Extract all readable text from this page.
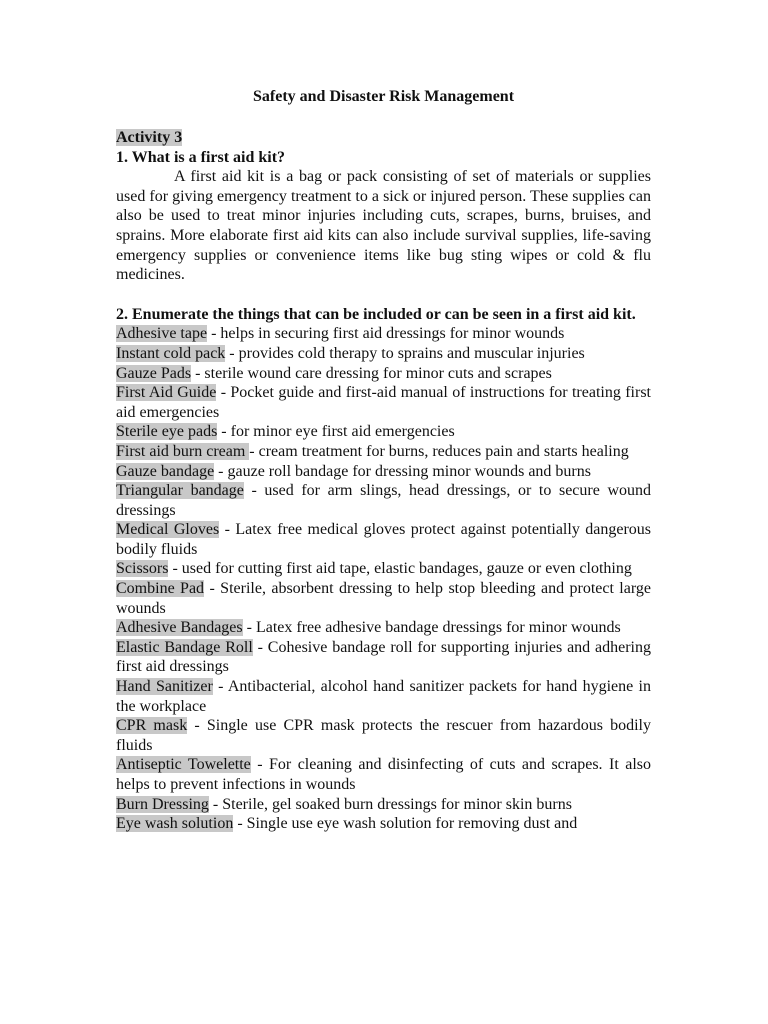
Safety and Disaster Risk Management
Activity 3
1. What is a first aid kit?

A first aid kit is a bag or pack consisting of set of materials or supplies used for giving emergency treatment to a sick or injured person. These supplies can also be used to treat minor injuries including cuts, scrapes, burns, bruises, and sprains. More elaborate first aid kits can also include survival supplies, life-saving emergency supplies or convenience items like bug sting wipes or cold & flu medicines.

2. Enumerate the things that can be included or can be seen in a first aid kit.

Adhesive tape - helps in securing first aid dressings for minor wounds

Instant cold pack - provides cold therapy to sprains and muscular injuries

Gauze Pads - sterile wound care dressing for minor cuts and scrapes

First Aid Guide - Pocket guide and first-aid manual of instructions for treating first aid emergencies

Sterile eye pads - for minor eye first aid emergencies

First aid burn cream - cream treatment for burns, reduces pain and starts healing

Gauze bandage - gauze roll bandage for dressing minor wounds and burns

Triangular bandage - used for arm slings, head dressings, or to secure wound dressings

Medical Gloves - Latex free medical gloves protect against potentially dangerous bodily fluids

Scissors - used for cutting first aid tape, elastic bandages, gauze or even clothing

Combine Pad - Sterile, absorbent dressing to help stop bleeding and protect large wounds

Adhesive Bandages - Latex free adhesive bandage dressings for minor wounds

Elastic Bandage Roll - Cohesive bandage roll for supporting injuries and adhering first aid dressings

Hand Sanitizer - Antibacterial, alcohol hand sanitizer packets for hand hygiene in the workplace

CPR mask - Single use CPR mask protects the rescuer from hazardous bodily fluids

Antiseptic Towelette - For cleaning and disinfecting of cuts and scrapes. It also helps to prevent infections in wounds

Burn Dressing - Sterile, gel soaked burn dressings for minor skin burns

Eye wash solution - Single use eye wash solution for removing dust and
